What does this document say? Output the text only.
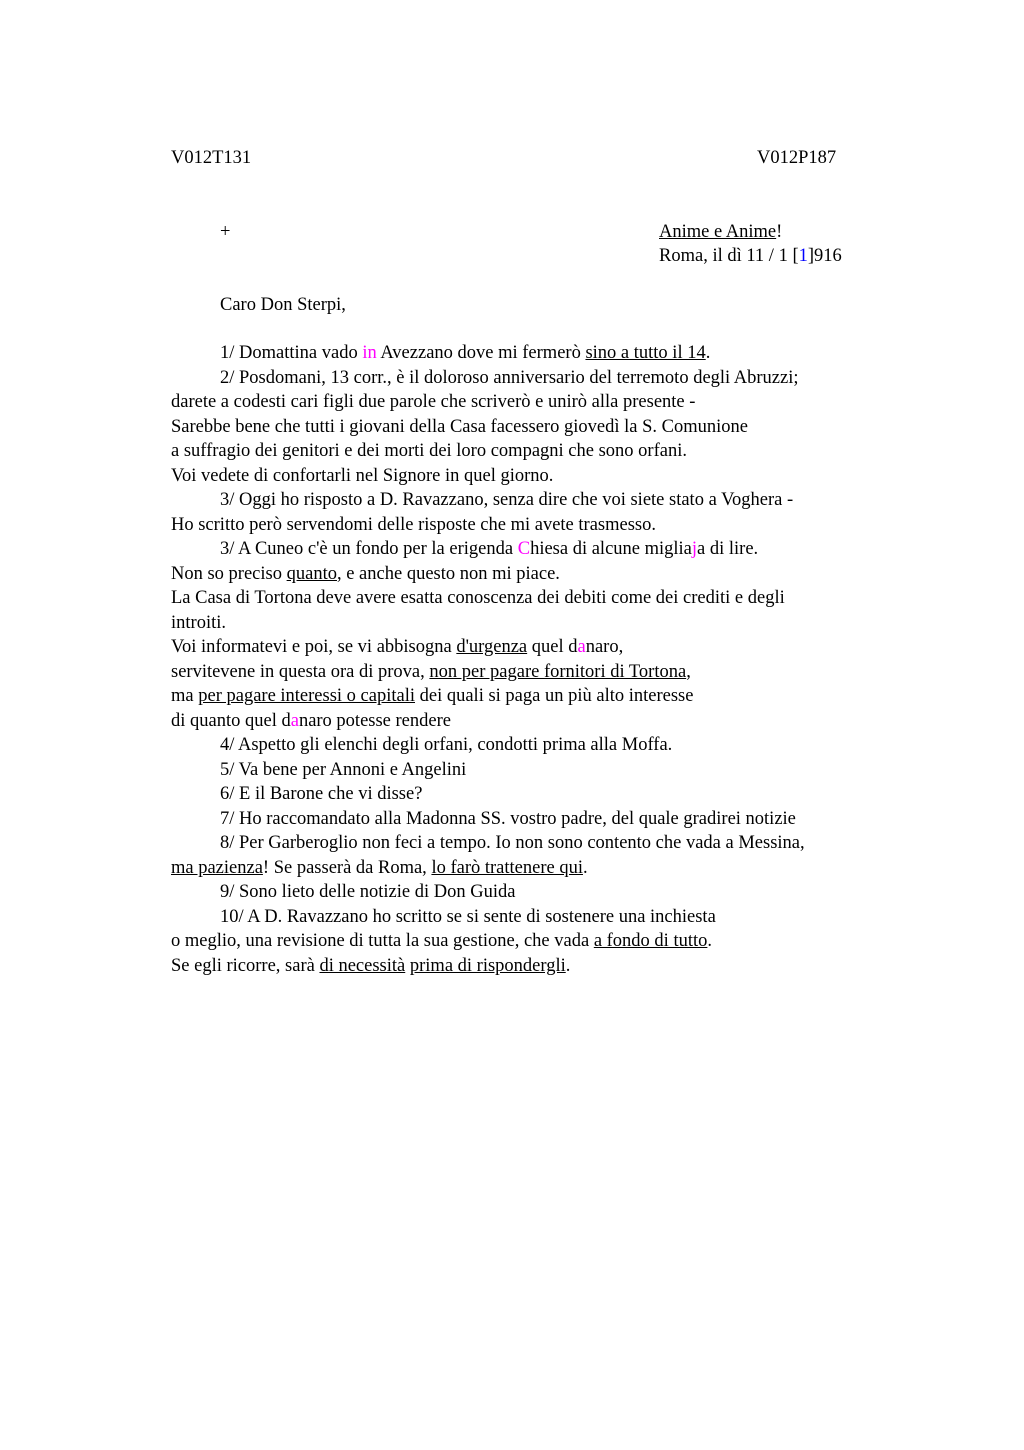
V012T131	V012P187
+	Anime e Anime!
Roma, il dì 11 / 1 [1]916
Caro Don Sterpi,
1/ Domattina vado in Avezzano dove mi fermerò sino a tutto il 14.
2/ Posdomani, 13 corr., è il doloroso anniversario del terremoto degli Abruzzi;
darete a codesti cari figli due parole che scriverò e unirò alla presente -
Sarebbe bene che tutti i giovani della Casa facessero giovedì la S. Comunione
a suffragio dei genitori e dei morti dei loro compagni che sono orfani.
Voi vedete di confortarli nel Signore in quel giorno.
3/ Oggi ho risposto a D. Ravazzano, senza dire che voi siete stato a Voghera -
Ho scritto però servendomi delle risposte che mi avete trasmesso.
3/ A Cuneo c'è un fondo per la erigenda Chiesa di alcune migliaja di lire.
Non so preciso quanto, e anche questo non mi piace.
La Casa di Tortona deve avere esatta conoscenza dei debiti come dei crediti e degli
introiti.
Voi informatevi e poi, se vi abbisogna d'urgenza quel danaro,
servitevene in questa ora di prova, non per pagare fornitori di Tortona,
ma per pagare interessi o capitali dei quali si paga un più alto interesse
di quanto quel danaro potesse rendere
4/ Aspetto gli elenchi degli orfani, condotti prima alla Moffa.
5/ Va bene per Annoni e Angelini
6/ E il Barone che vi disse?
7/ Ho raccomandato alla Madonna SS. vostro padre, del quale gradirei notizie
8/ Per Garberoglio non feci a tempo. Io non sono contento che vada a Messina,
ma pazienza! Se passerà da Roma, lo farò trattenere qui.
9/ Sono lieto delle notizie di Don Guida
10/ A D. Ravazzano ho scritto se si sente di sostenere una inchiesta
o meglio, una revisione di tutta la sua gestione, che vada a fondo di tutto.
Se egli ricorre, sarà di necessità prima di rispondergli.
